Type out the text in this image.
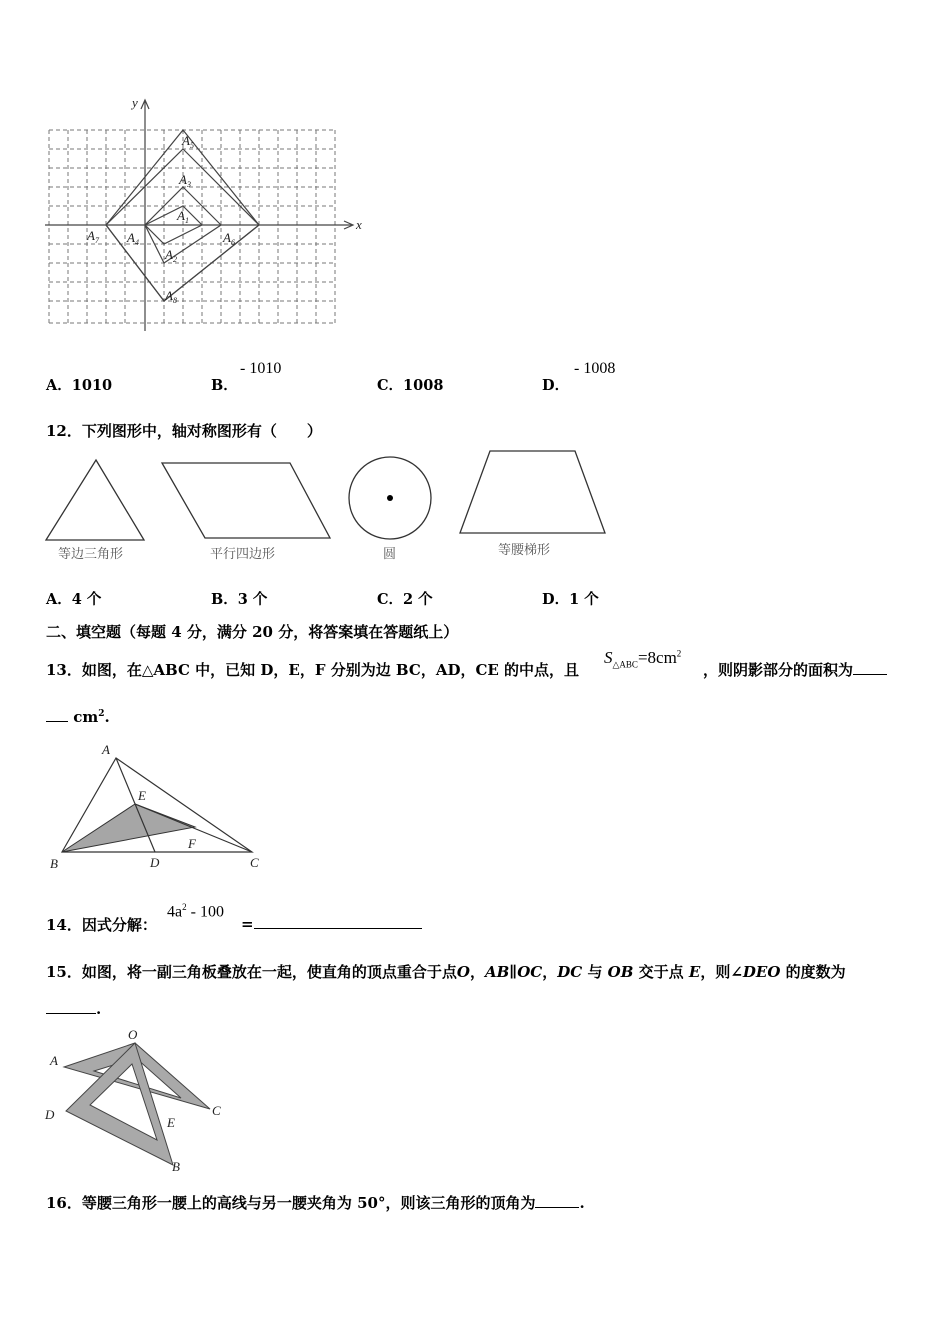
x
y
$A_5$
$A_3$
$A_1$
$A_7$ $A_4$	$A_6$
$A_2$
$A_8$
A．1010	B．
- 1010
C．1008	D．
- 1008
12．下列图形中，轴对称图形有（　　）
等边三角形	平行四边形	圆	等腰梯形
A．4 个	B．3 个	C．2 个	D．1 个
二、填空题（每题 4 分，满分 20 分，将答案填在答题纸上）
13．如图，在△ABC 中，已知 D，E，F 分别为边 BC，AD，CE 的中点，且
$S_{\triangle ABC}=8cm^2$
，则阴影部分的面积为
$cm^2$.
A
E
F
B	D	C
14．因式分解：
$4a^2 - 100$
=
15．如图，将一副三角板叠放在一起，使直角的顶点重合于点O，AB∥OC，DC 与 OB 交于点 E，则∠DEO 的度数为
.
O
A
D	C
E
B
16．等腰三角形一腰上的高线与另一腰夹角为 50°，则该三角形的顶角为	.
